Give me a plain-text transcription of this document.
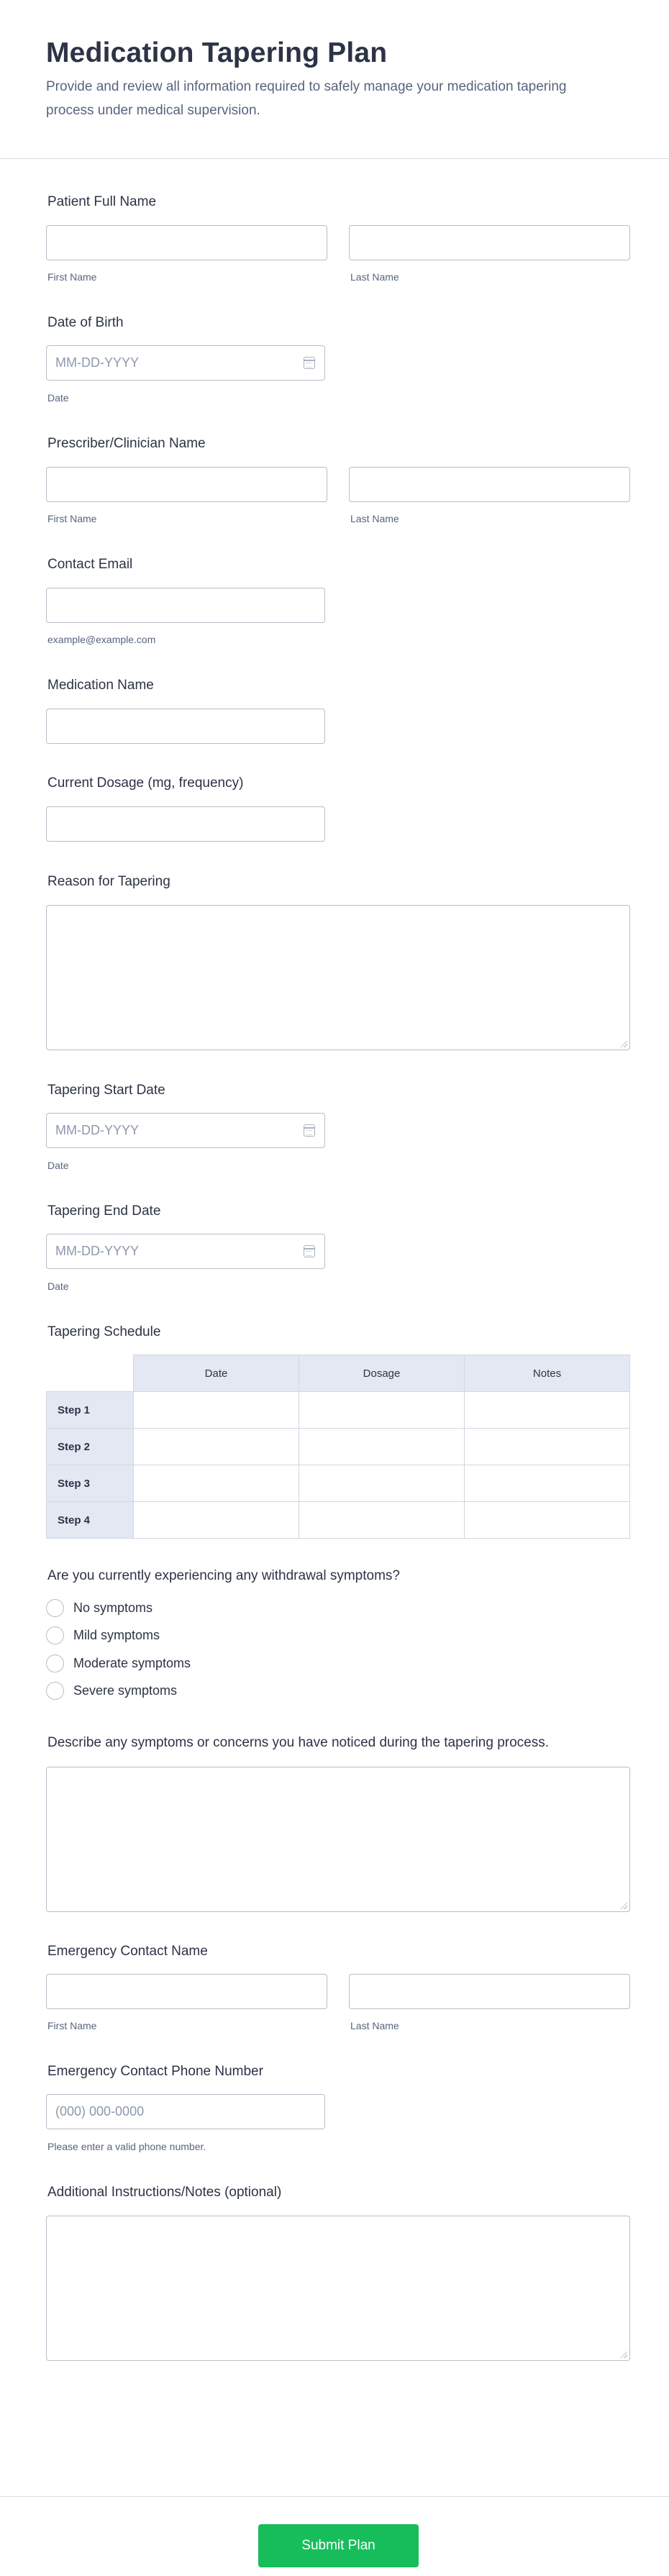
Medication Tapering Plan

Provide and review all information required to safely manage your medication tapering process under medical supervision.

Patient Full Name
First Name	Last Name
Date of Birth
MM-DD-YYYY
Date
Prescriber/Clinician Name
First Name	Last Name
Contact Email
example@example.com
Medication Name
Current Dosage (mg, frequency)
Reason for Tapering
Tapering Start Date
MM-DD-YYYY
Date
Tapering End Date
MM-DD-YYYY
Date
Tapering Schedule
	Date	Dosage	Notes
Step 1			
Step 2			
Step 3			
Step 4			
Are you currently experiencing any withdrawal symptoms?
No symptoms
Mild symptoms
Moderate symptoms
Severe symptoms
Describe any symptoms or concerns you have noticed during the tapering process.
Emergency Contact Name
First Name	Last Name
Emergency Contact Phone Number
(000) 000-0000
Please enter a valid phone number.
Additional Instructions/Notes (optional)
Submit Plan
